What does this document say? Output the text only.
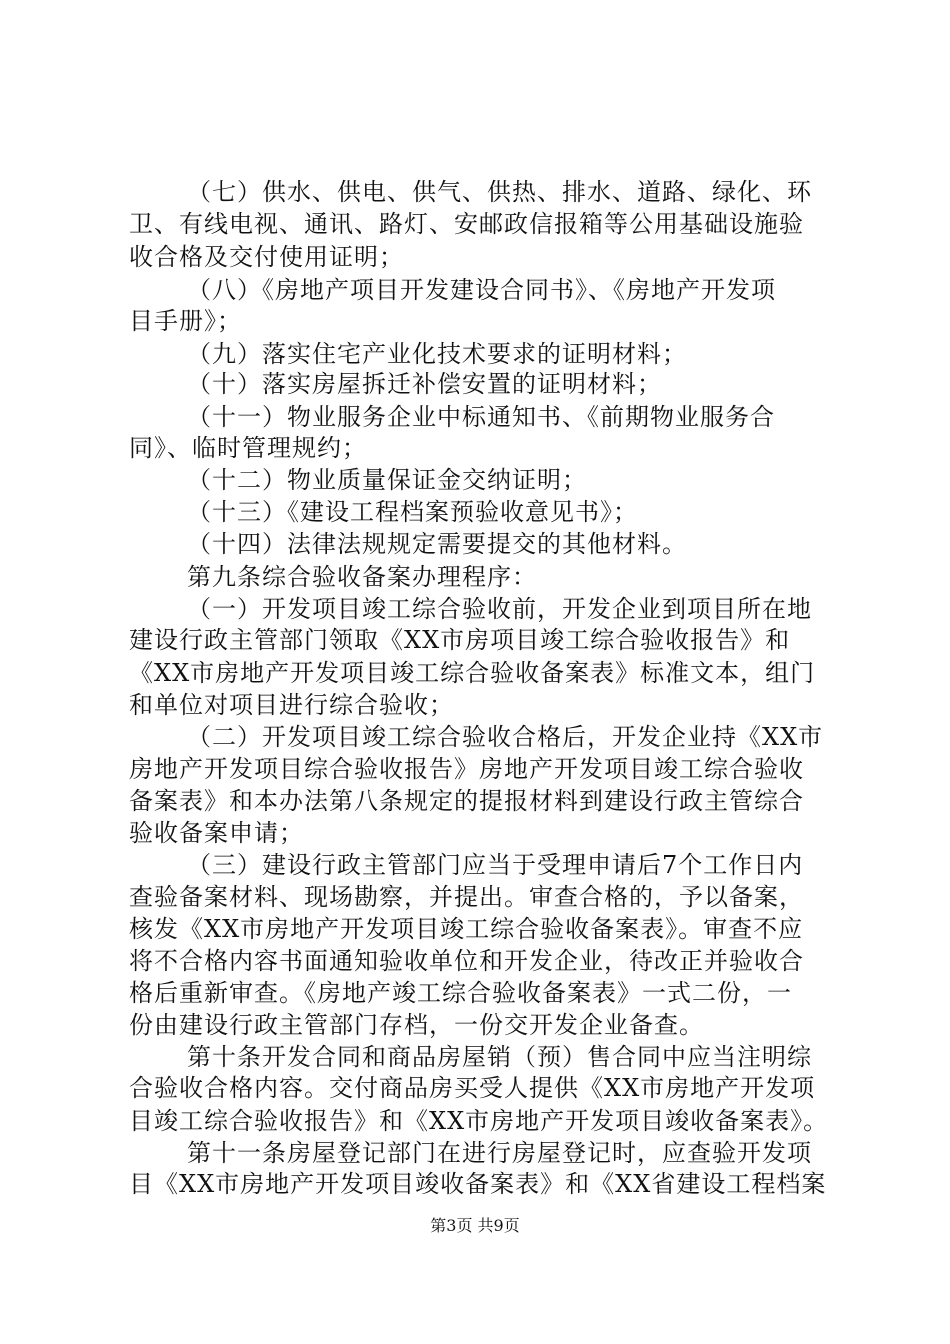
（七）供水、供电、供气、供热、排水、道路、绿化、环
卫、有线电视、通讯、路灯、安邮政信报箱等公用基础设施验
收合格及交付使用证明；
（八）《房地产项目开发建设合同书》、《房地产开发项
目手册》；
（九）落实住宅产业化技术要求的证明材料；
（十）落实房屋拆迁补偿安置的证明材料；
（十一）物业服务企业中标通知书、《前期物业服务合
同》、临时管理规约；
（十二）物业质量保证金交纳证明；
（十三）《建设工程档案预验收意见书》；
（十四）法律法规规定需要提交的其他材料。
第九条综合验收备案办理程序：
（一）开发项目竣工综合验收前，开发企业到项目所在地
建设行政主管部门领取《XX市房项目竣工综合验收报告》和
《XX市房地产开发项目竣工综合验收备案表》标准文本，组门
和单位对项目进行综合验收；
（二）开发项目竣工综合验收合格后，开发企业持《XX市
房地产开发项目综合验收报告》房地产开发项目竣工综合验收
备案表》和本办法第八条规定的提报材料到建设行政主管综合
验收备案申请；
（三）建设行政主管部门应当于受理申请后7个工作日内
查验备案材料、现场勘察，并提出。审查合格的，予以备案，
核发《XX市房地产开发项目竣工综合验收备案表》。审查不应
将不合格内容书面通知验收单位和开发企业，待改正并验收合
格后重新审查。《房地产竣工综合验收备案表》一式二份，一
份由建设行政主管部门存档，一份交开发企业备查。
第十条开发合同和商品房屋销（预）售合同中应当注明综
合验收合格内容。交付商品房买受人提供《XX市房地产开发项
目竣工综合验收报告》和《XX市房地产开发项目竣收备案表》。
第十一条房屋登记部门在进行房屋登记时，应查验开发项
目《XX市房地产开发项目竣收备案表》和《XX省建设工程档案
第3页 共9页
